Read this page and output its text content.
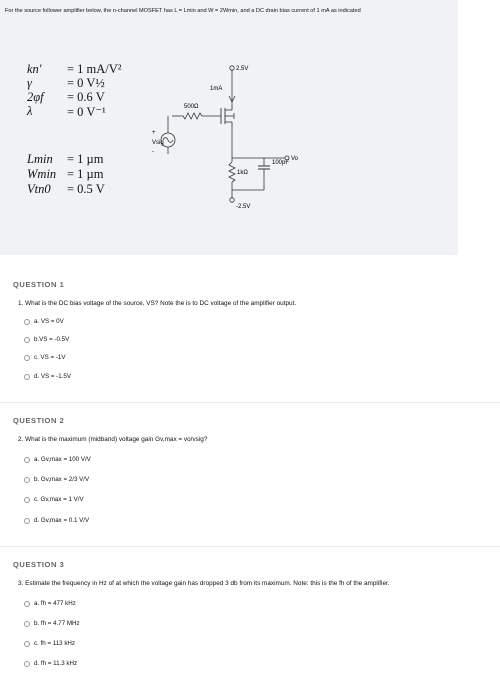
For the source follower amplifier below, the n-channel MOSFET has L = Lmin and W = 2Wmin, and a DC drain bias current of 1 mA as indicated
kn' = 1 mA/V²
γ	= 0 V½
2φf = 0.6 V
λ	= 0 V⁻¹
Lmin = 1 µm
Wmin = 1 µm
Vtn0 = 0.5 V
2.5V
1mA
Vo
1kΩ
-2.5V
100pF
500Ω
+
Vsig
-
QUESTION 1
1. What is the DC bias voltage of the source, VS? Note the is to DC voltage of the amplifier output.
a. VS = 0V
b.VS = -0.5V
c. VS = -1V
d. VS = -1.5V
QUESTION 2
2. What is the maximum (midband) voltage gain Gv,max = vo/vsig?
a. Gv,max = 100 V/V
b. Gv,max = 2/3 V/V
c. Gv,max = 1 V/V
d. Gv,max = 0.1 V/V
QUESTION 3
3. Estimate the frequency in Hz of at which the voltage gain has dropped 3 db from its maximum. Note: this is the fh of the amplifier.
a. fh = 477 kHz
b. fh = 4.77 MHz
c. fh = 113 kHz
d. fh = 11.3 kHz
